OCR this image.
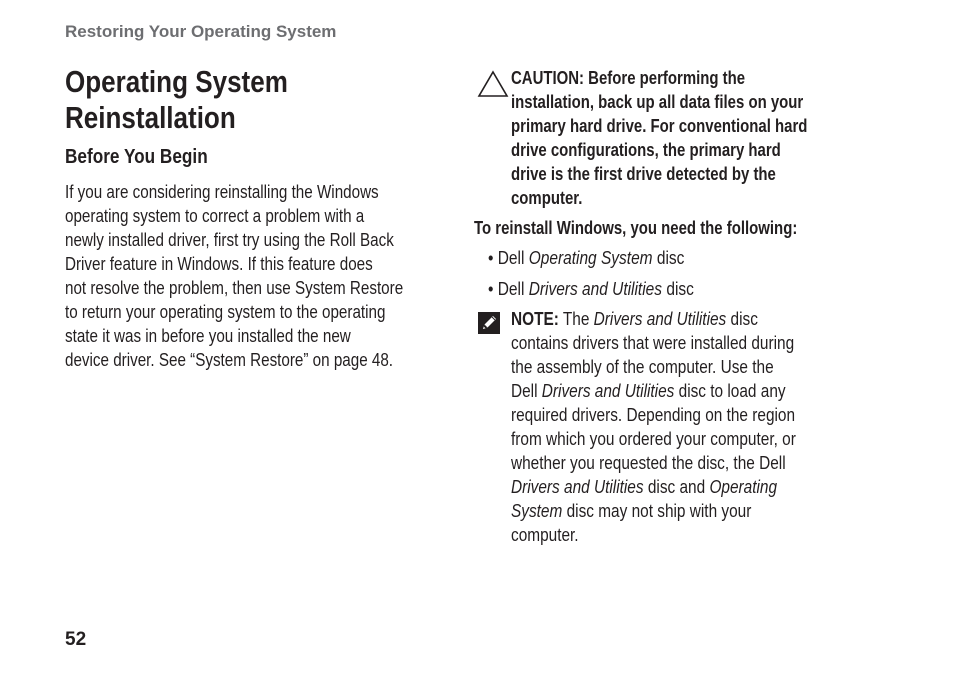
Restoring Your Operating System
Operating System
Reinstallation
Before You Begin

If you are considering reinstalling the Windows
operating system to correct a problem with a
newly installed driver, first try using the Roll Back
Driver feature in Windows. If this feature does
not resolve the problem, then use System Restore
to return your operating system to the operating
state it was in before you installed the new
device driver. See “System Restore” on page 48.

CAUTION: Before performing the
installation, back up all data files on your
primary hard drive. For conventional hard
drive configurations, the primary hard
drive is the first drive detected by the
computer.
To reinstall Windows, you need the following:
• Dell Operating System disc
• Dell Drivers and Utilities disc
NOTE: The Drivers and Utilities disc
contains drivers that were installed during
the assembly of the computer. Use the
Dell Drivers and Utilities disc to load any
required drivers. Depending on the region
from which you ordered your computer, or
whether you requested the disc, the Dell
Drivers and Utilities disc and Operating
System disc may not ship with your
computer.
52
